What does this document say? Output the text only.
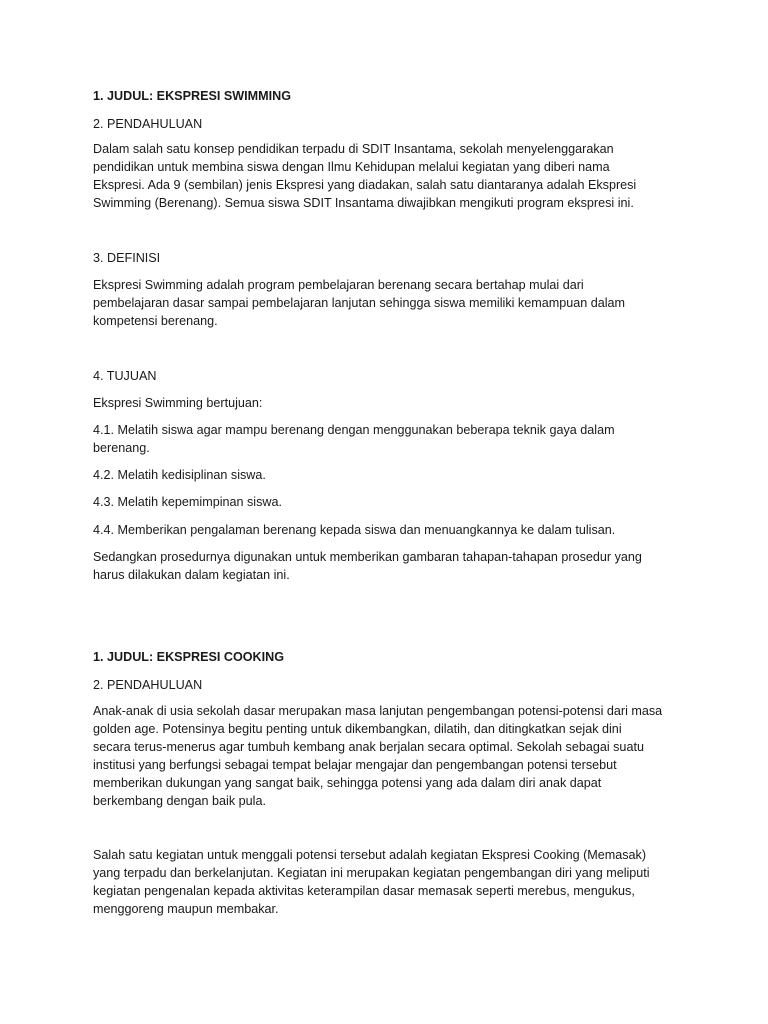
1. JUDUL: EKSPRESI SWIMMING

2. PENDAHULUAN

Dalam salah satu konsep pendidikan terpadu di SDIT Insantama, sekolah menyelenggarakan

pendidikan untuk membina siswa dengan Ilmu Kehidupan melalui kegiatan yang diberi nama

Ekspresi. Ada 9 (sembilan) jenis Ekspresi yang diadakan, salah satu diantaranya adalah Ekspresi

Swimming (Berenang). Semua siswa SDIT Insantama diwajibkan mengikuti program ekspresi ini.

3. DEFINISI

Ekspresi Swimming adalah program pembelajaran berenang secara bertahap mulai dari

pembelajaran dasar sampai pembelajaran lanjutan sehingga siswa memiliki kemampuan dalam

kompetensi berenang.

4. TUJUAN

Ekspresi Swimming bertujuan:

4.1. Melatih siswa agar mampu berenang dengan menggunakan beberapa teknik gaya dalam

berenang.

4.2. Melatih kedisiplinan siswa.

4.3. Melatih kepemimpinan siswa.

4.4. Memberikan pengalaman berenang kepada siswa dan menuangkannya ke dalam tulisan.

Sedangkan prosedurnya digunakan untuk memberikan gambaran tahapan-tahapan prosedur yang

harus dilakukan dalam kegiatan ini.

1. JUDUL: EKSPRESI COOKING

2. PENDAHULUAN

Anak-anak di usia sekolah dasar merupakan masa lanjutan pengembangan potensi-potensi dari masa

golden age. Potensinya begitu penting untuk dikembangkan, dilatih, dan ditingkatkan sejak dini

secara terus-menerus agar tumbuh kembang anak berjalan secara optimal. Sekolah sebagai suatu

institusi yang berfungsi sebagai tempat belajar mengajar dan pengembangan potensi tersebut

memberikan dukungan yang sangat baik, sehingga potensi yang ada dalam diri anak dapat

berkembang dengan baik pula.

Salah satu kegiatan untuk menggali potensi tersebut adalah kegiatan Ekspresi Cooking (Memasak)

yang terpadu dan berkelanjutan. Kegiatan ini merupakan kegiatan pengembangan diri yang meliputi

kegiatan pengenalan kepada aktivitas keterampilan dasar memasak seperti merebus, mengukus,

menggoreng maupun membakar.
